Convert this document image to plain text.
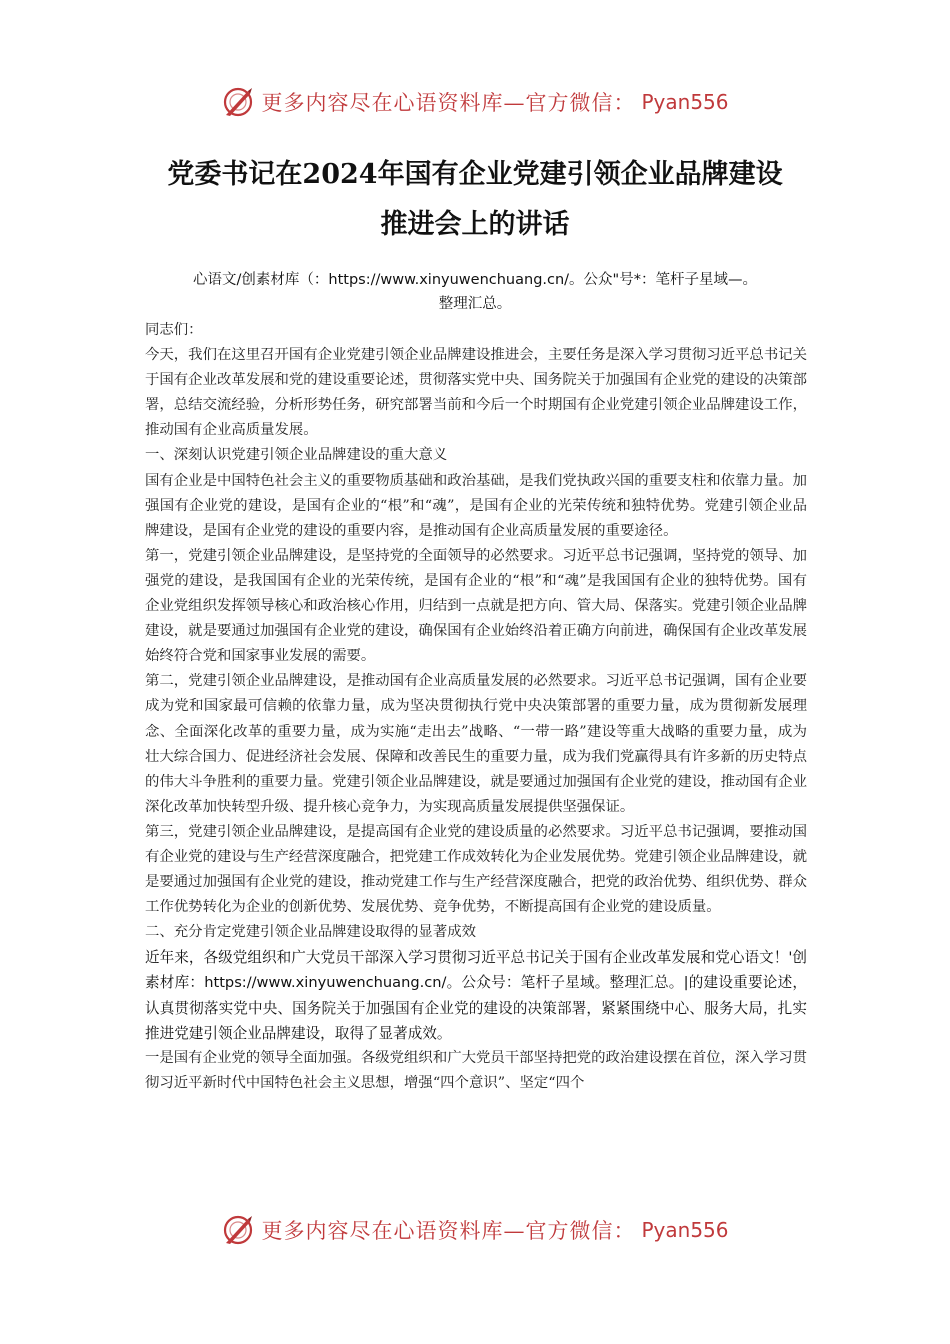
更多内容尽在心语资料库—官方微信： Pyan556
党委书记在2024年国有企业党建引领企业品牌建设
推进会上的讲话
心语文/创素材库（：https://www.xinyuwenchuang.cn/。公众"号*：笔杆子星域—。
整理汇总。

同志们：

今天，我们在这里召开国有企业党建引领企业品牌建设推进会，主要任务是深入学习贯彻习近平总书记关于国有企业改革发展和党的建设重要论述，贯彻落实党中央、国务院关于加强国有企业党的建设的决策部署，总结交流经验，分析形势任务，研究部署当前和今后一个时期国有企业党建引领企业品牌建设工作，推动国有企业高质量发展。

一、深刻认识党建引领企业品牌建设的重大意义

国有企业是中国特色社会主义的重要物质基础和政治基础，是我们党执政兴国的重要支柱和依靠力量。加强国有企业党的建设，是国有企业的“根”和“魂”，是国有企业的光荣传统和独特优势。党建引领企业品牌建设，是国有企业党的建设的重要内容，是推动国有企业高质量发展的重要途径。

第一，党建引领企业品牌建设，是坚持党的全面领导的必然要求。习近平总书记强调，坚持党的领导、加强党的建设，是我国国有企业的光荣传统，是国有企业的“根”和“魂”是我国国有企业的独特优势。国有企业党组织发挥领导核心和政治核心作用，归结到一点就是把方向、管大局、保落实。党建引领企业品牌建设，就是要通过加强国有企业党的建设，确保国有企业始终沿着正确方向前进，确保国有企业改革发展始终符合党和国家事业发展的需要。

第二，党建引领企业品牌建设，是推动国有企业高质量发展的必然要求。习近平总书记强调，国有企业要成为党和国家最可信赖的依靠力量，成为坚决贯彻执行党中央决策部署的重要力量，成为贯彻新发展理念、全面深化改革的重要力量，成为实施“走出去”战略、“一带一路”建设等重大战略的重要力量，成为壮大综合国力、促进经济社会发展、保障和改善民生的重要力量，成为我们党赢得具有许多新的历史特点的伟大斗争胜利的重要力量。党建引领企业品牌建设，就是要通过加强国有企业党的建设，推动国有企业深化改革加快转型升级、提升核心竞争力，为实现高质量发展提供坚强保证。

第三，党建引领企业品牌建设，是提高国有企业党的建设质量的必然要求。习近平总书记强调，要推动国有企业党的建设与生产经营深度融合，把党建工作成效转化为企业发展优势。党建引领企业品牌建设，就是要通过加强国有企业党的建设，推动党建工作与生产经营深度融合，把党的政治优势、组织优势、群众工作优势转化为企业的创新优势、发展优势、竞争优势，不断提高国有企业党的建设质量。

二、充分肯定党建引领企业品牌建设取得的显著成效

近年来，各级党组织和广大党员干部深入学习贯彻习近平总书记关于国有企业改革发展和党心语文！'创素材库：https://www.xinyuwenchuang.cn/。公众号：笔杆子星域。整理汇总。|的建设重要论述，认真贯彻落实党中央、国务院关于加强国有企业党的建设的决策部署，紧紧围绕中心、服务大局，扎实推进党建引领企业品牌建设，取得了显著成效。

一是国有企业党的领导全面加强。各级党组织和广大党员干部坚持把党的政治建设摆在首位，深入学习贯彻习近平新时代中国特色社会主义思想，增强“四个意识”、坚定“四个

更多内容尽在心语资料库—官方微信： Pyan556
